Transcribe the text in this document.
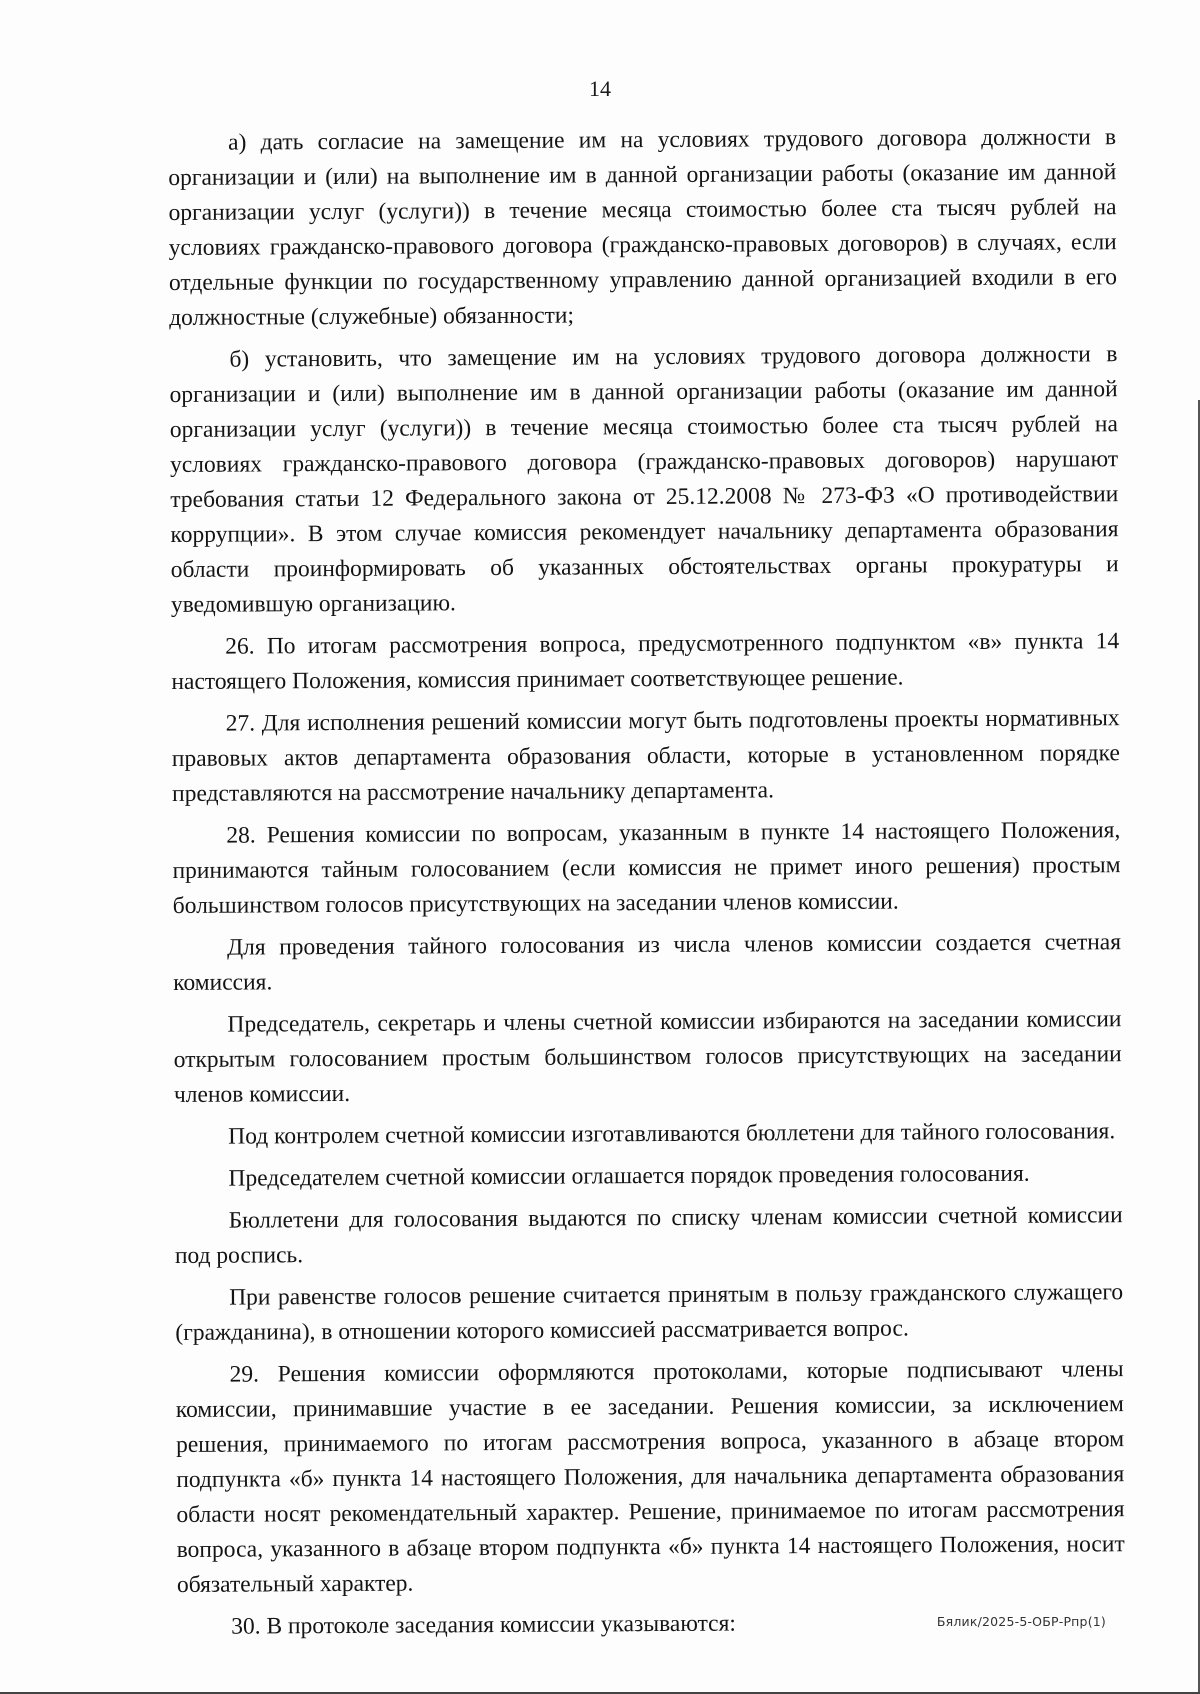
14

а) дать согласие на замещение им на условиях трудового договора должности в организации и (или) на выполнение им в данной организации работы (оказание им данной организации услуг (услуги)) в течение месяца стоимостью более ста тысяч рублей на условиях гражданско-правового договора (гражданско-правовых договоров) в случаях, если отдельные функции по государственному управлению данной организацией входили в его должностные (служебные) обязанности;

б) установить, что замещение им на условиях трудового договора должности в организации и (или) выполнение им в данной организации работы (оказание им данной организации услуг (услуги)) в течение месяца стоимостью более ста тысяч рублей на условиях гражданско-правового договора (гражданско-правовых договоров) нарушают требования статьи 12 Федерального закона от 25.12.2008 № 273-ФЗ «О противодействии коррупции». В этом случае комиссия рекомендует начальнику департамента образования области проинформировать об указанных обстоятельствах органы прокуратуры и уведомившую организацию.

26. По итогам рассмотрения вопроса, предусмотренного подпунктом «в» пункта 14 настоящего Положения, комиссия принимает соответствующее решение.

27. Для исполнения решений комиссии могут быть подготовлены проекты нормативных правовых актов департамента образования области, которые в установленном порядке представляются на рассмотрение начальнику департамента.

28. Решения комиссии по вопросам, указанным в пункте 14 настоящего Положения, принимаются тайным голосованием (если комиссия не примет иного решения) простым большинством голосов присутствующих на заседании членов комиссии.

Для проведения тайного голосования из числа членов комиссии создается счетная комиссия.

Председатель, секретарь и члены счетной комиссии избираются на заседании комиссии открытым голосованием простым большинством голосов присутствующих на заседании членов комиссии.

Под контролем счетной комиссии изготавливаются бюллетени для тайного голосования.

Председателем счетной комиссии оглашается порядок проведения голосования.

Бюллетени для голосования выдаются по списку членам комиссии счетной комиссии под роспись.

При равенстве голосов решение считается принятым в пользу гражданского служащего (гражданина), в отношении которого комиссией рассматривается вопрос.

29. Решения комиссии оформляются протоколами, которые подписывают члены комиссии, принимавшие участие в ее заседании. Решения комиссии, за исключением решения, принимаемого по итогам рассмотрения вопроса, указанного в абзаце втором подпункта «б» пункта 14 настоящего Положения, для начальника департамента образования области носят рекомендательный характер. Решение, принимаемое по итогам рассмотрения вопроса, указанного в абзаце втором подпункта «б» пункта 14 настоящего Положения, носит обязательный характер.

30. В протоколе заседания комиссии указываются:	Бялик/2025-5-ОБР-Рпр(1)
